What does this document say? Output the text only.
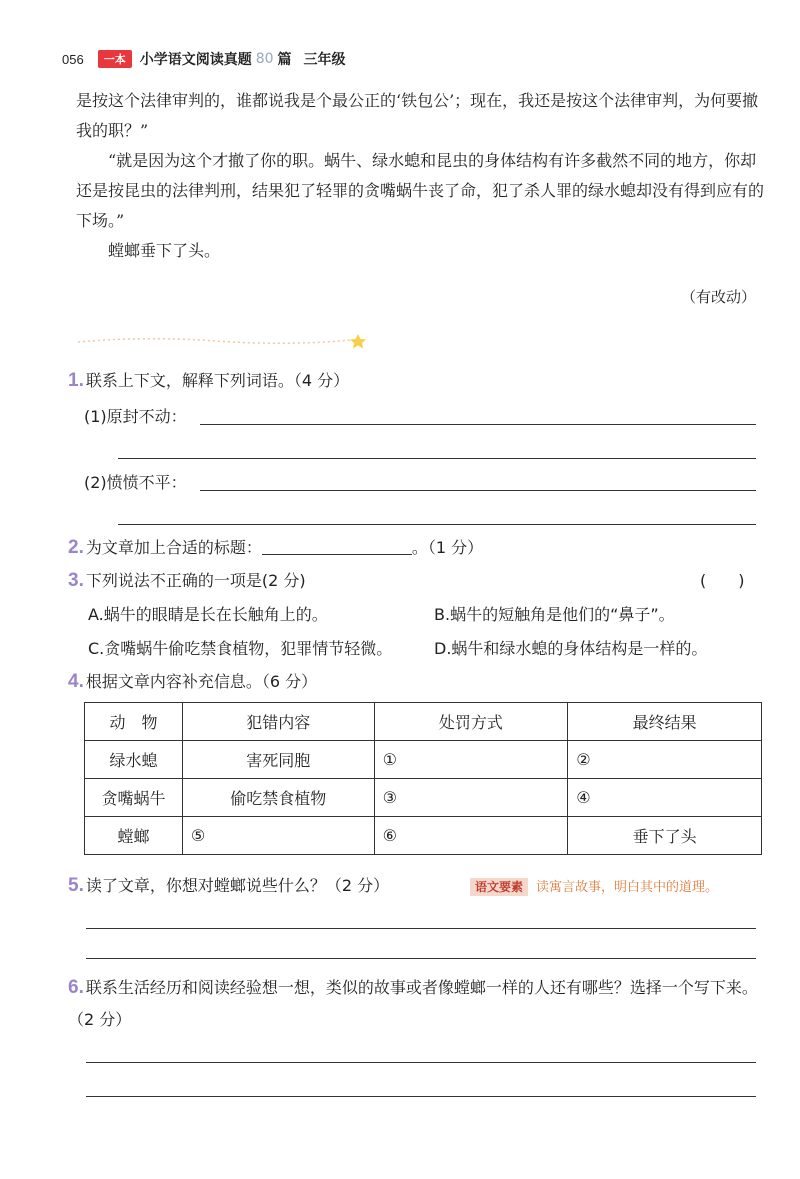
056	一本	小学语文阅读真题 80 篇 三年级

是按这个法律审判的，谁都说我是个最公正的‘铁包公’；现在，我还是按这个法律审判，为何要撤我的职？”

“就是因为这个才撤了你的职。蜗牛、绿水螅和昆虫的身体结构有许多截然不同的地方，你却还是按昆虫的法律判刑，结果犯了轻罪的贪嘴蜗牛丧了命，犯了杀人罪的绿水螅却没有得到应有的下场。”

螳螂垂下了头。

（有改动）
1. 联系上下文，解释下列词语。（4 分）
(1)原封不动：
(2)愤愤不平：
2. 为文章加上合适的标题：	。（1 分）
3. 下列说法不正确的一项是(2 分)	(　　)
A.蜗牛的眼睛是长在长触角上的。	B.蜗牛的短触角是他们的“鼻子”。
C.贪嘴蜗牛偷吃禁食植物，犯罪情节轻微。	D.蜗牛和绿水螅的身体结构是一样的。
4. 根据文章内容补充信息。（6 分）
动　物	犯错内容	处罚方式	最终结果
绿水螅	害死同胞	①	②
贪嘴蜗牛	偷吃禁食植物	③	④
螳螂	⑤	⑥	垂下了头
5. 读了文章，你想对螳螂说些什么？（2 分）	语文要素 读寓言故事，明白其中的道理。
6. 联系生活经历和阅读经验想一想，类似的故事或者像螳螂一样的人还有哪些？选择一个写下来。（2 分）
